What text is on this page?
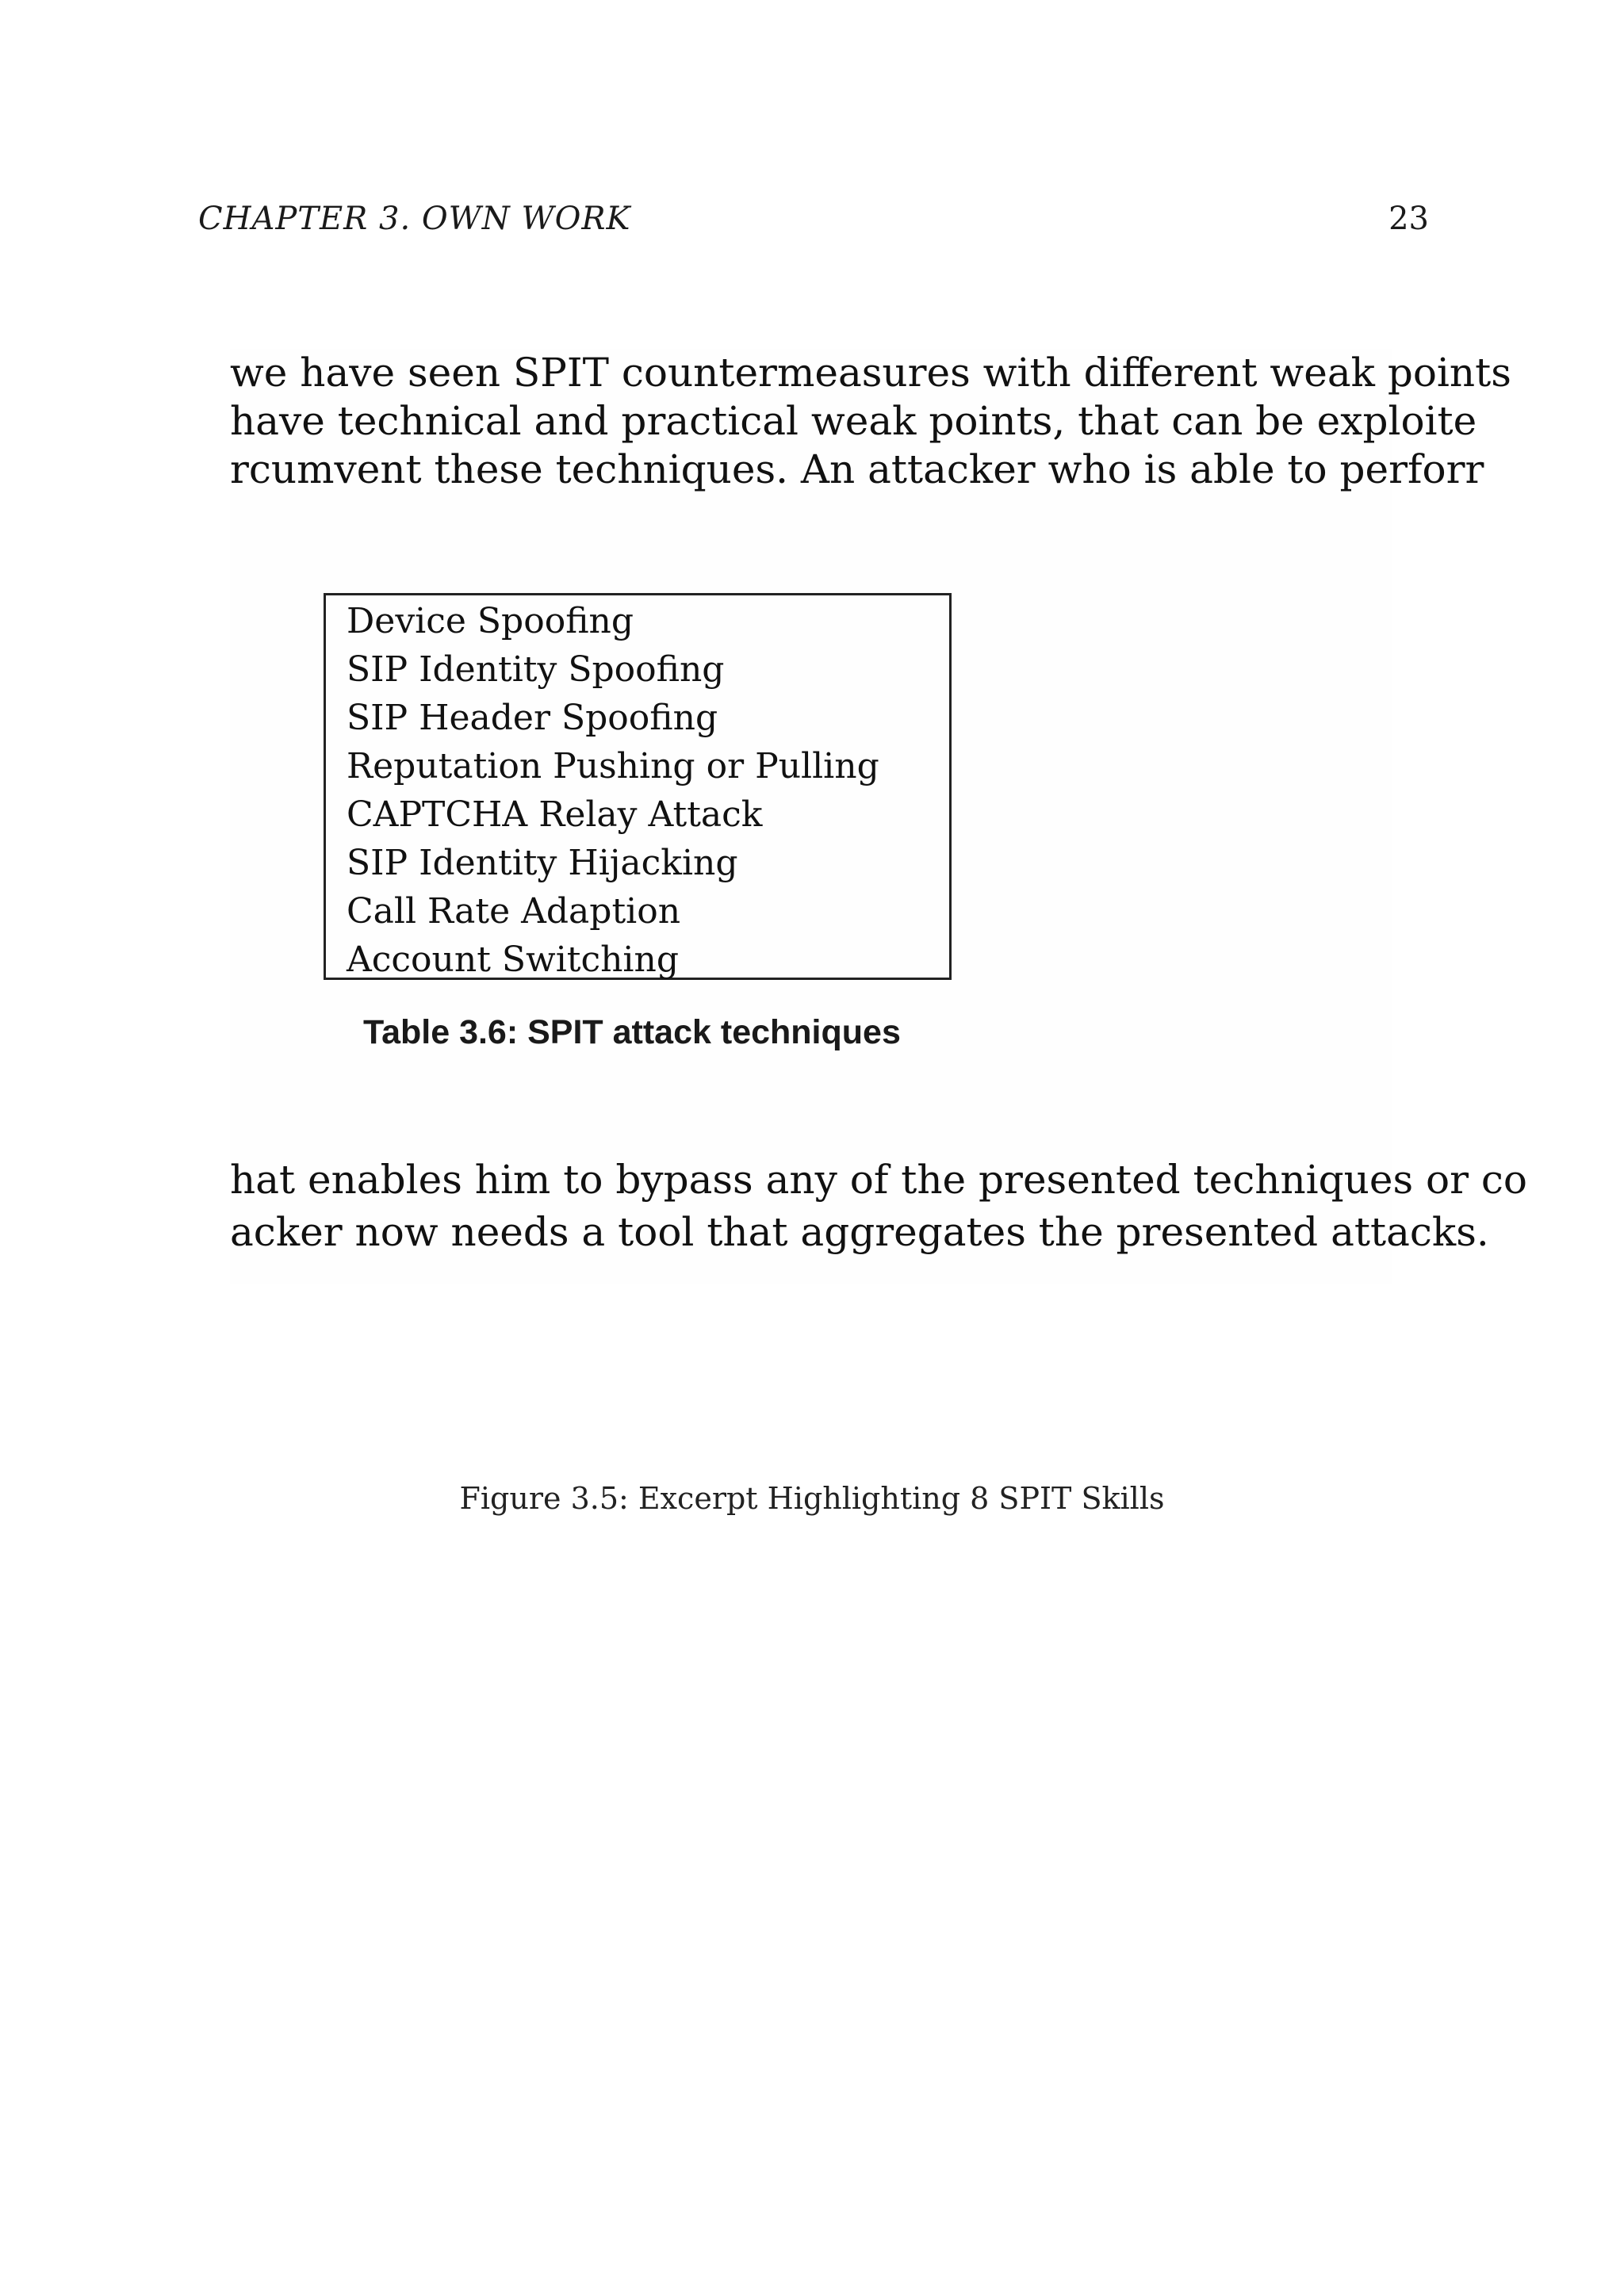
CHAPTER 3. OWN WORK	23
we have seen SPIT countermeasures with different weak points
have technical and practical weak points, that can be exploite
rcumvent these techniques. An attacker who is able to perforr
Device Spoofing
SIP Identity Spoofing
SIP Header Spoofing
Reputation Pushing or Pulling
CAPTCHA Relay Attack
SIP Identity Hijacking
Call Rate Adaption
Account Switching
Table 3.6: SPIT attack techniques
hat enables him to bypass any of the presented techniques or co
acker now needs a tool that aggregates the presented attacks.
Figure 3.5: Excerpt Highlighting 8 SPIT Skills
